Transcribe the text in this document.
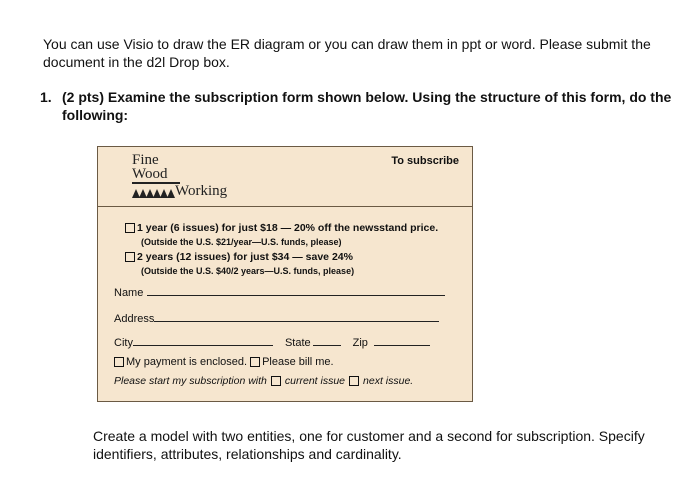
You can use Visio to draw the ER diagram or you can draw them in ppt or word. Please submit the document in the d2l Drop box.
1. (2 pts) Examine the subscription form shown below. Using the structure of this form, do the following:
Fine
Wood
Working
To subscribe
1 year (6 issues) for just $18 — 20% off the newsstand price.
(Outside the U.S. $21/year—U.S. funds, please)
2 years (12 issues) for just $34 — save 24%
(Outside the U.S. $40/2 years—U.S. funds, please)
Name
Address
City	State	Zip
My payment is enclosed. Please bill me.
Please start my subscription with current issue next issue.
Create a model with two entities, one for customer and a second for subscription. Specify identifiers, attributes, relationships and cardinality.
